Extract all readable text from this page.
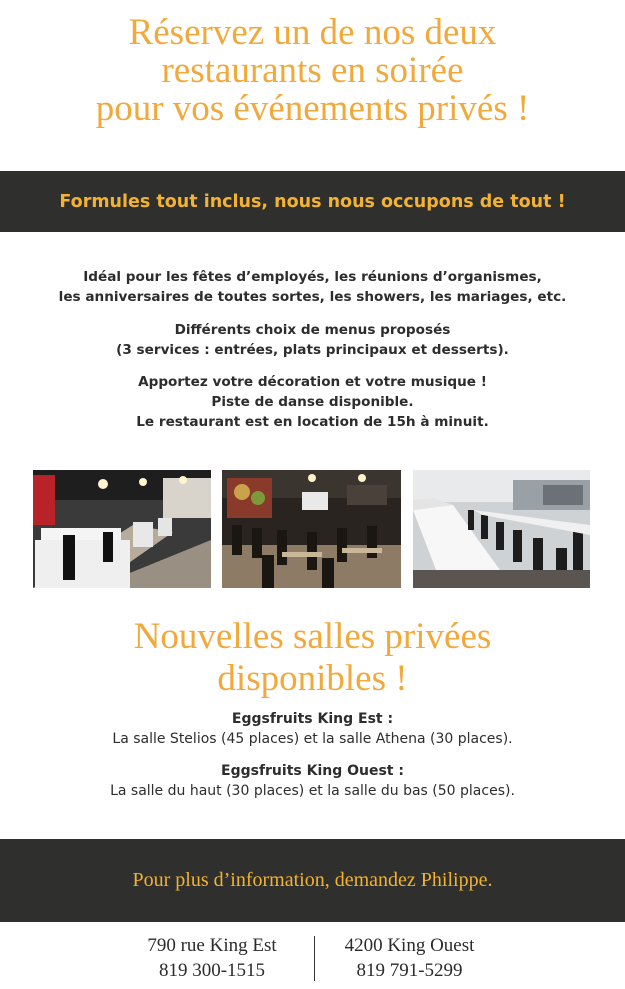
Réservez un de nos deux
restaurants en soirée
pour vos événements privés !
Formules tout inclus, nous nous occupons de tout !
Idéal pour les fêtes d’employés, les réunions d’organismes,
les anniversaires de toutes sortes, les showers, les mariages, etc.
Différents choix de menus proposés
(3 services : entrées, plats principaux et desserts).
Apportez votre décoration et votre musique !
Piste de danse disponible.
Le restaurant est en location de 15h à minuit.
Nouvelles salles privées
disponibles !
Eggsfruits King Est :
La salle Stelios (45 places) et la salle Athena (30 places).
Eggsfruits King Ouest :
La salle du haut (30 places) et la salle du bas (50 places).
Pour plus d’information, demandez Philippe.
790 rue King Est
819 300-1515
4200 King Ouest
819 791-5299
